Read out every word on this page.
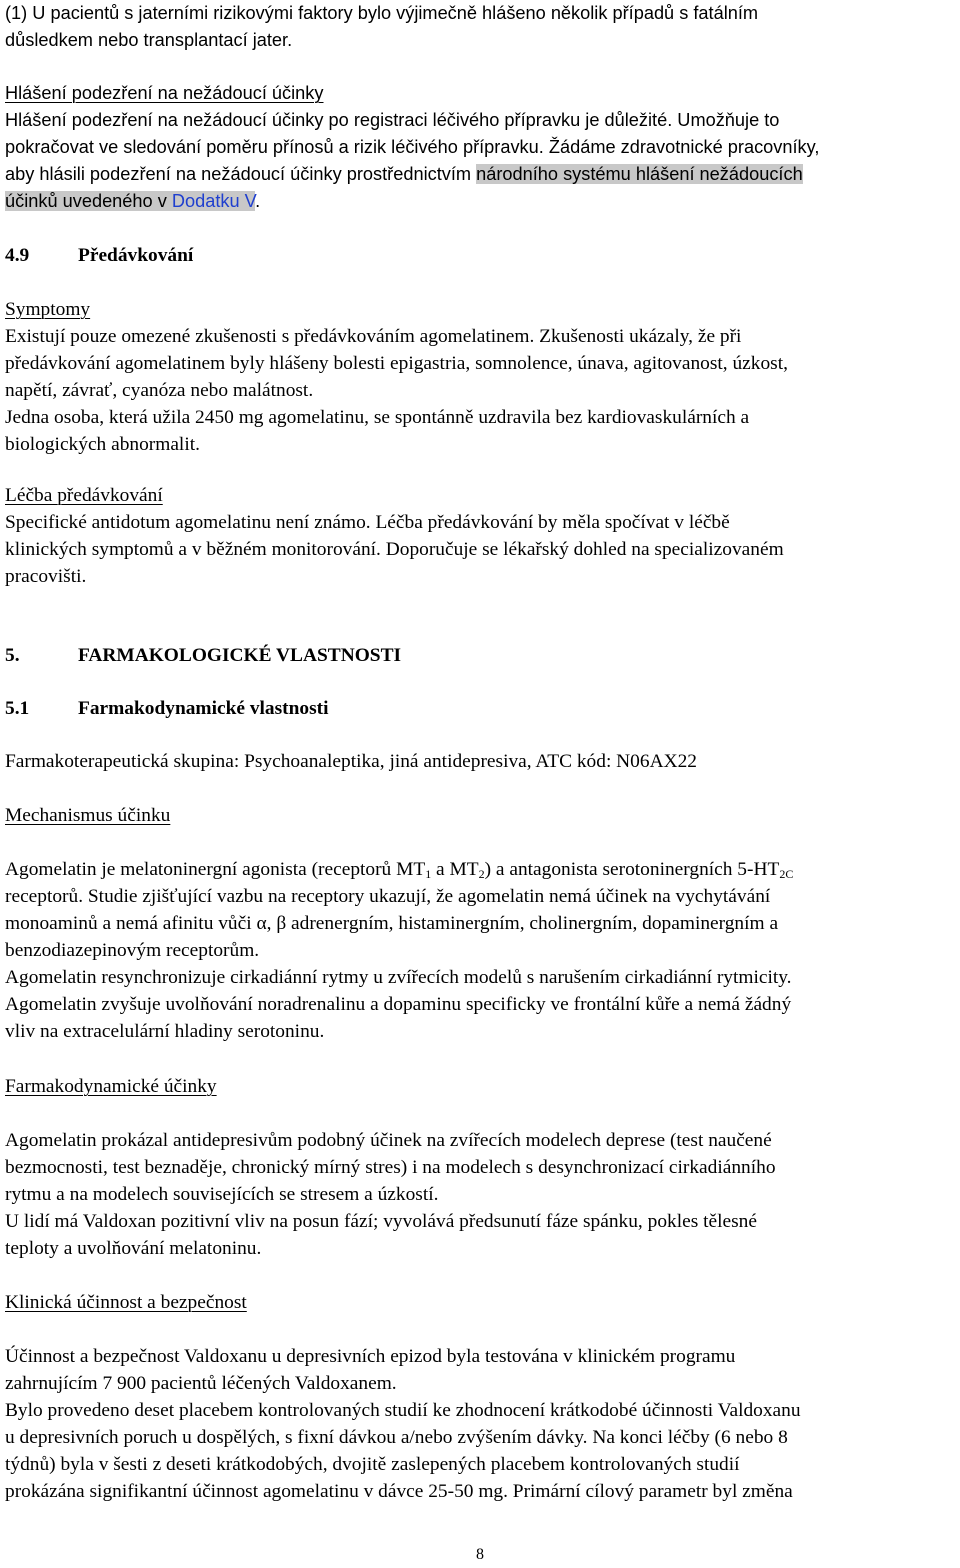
(1) U pacientů s jaterními rizikovými faktory bylo výjimečně hlášeno několik případů s fatálním
důsledkem nebo transplantací jater.
Hlášení podezření na nežádoucí účinky
Hlášení podezření na nežádoucí účinky po registraci léčivého přípravku je důležité. Umožňuje to
pokračovat ve sledování poměru přínosů a rizik léčivého přípravku. Žádáme zdravotnické pracovníky,
aby hlásili podezření na nežádoucí účinky prostřednictvím národního systému hlášení nežádoucích
účinků uvedeného v Dodatku V.
4.9	Předávkování
Symptomy
Existují pouze omezené zkušenosti s předávkováním agomelatinem. Zkušenosti ukázaly, že při
předávkování agomelatinem byly hlášeny bolesti epigastria, somnolence, únava, agitovanost, úzkost,
napětí, závrať, cyanóza nebo malátnost.
Jedna osoba, která užila 2450 mg agomelatinu, se spontánně uzdravila bez kardiovaskulárních a
biologických abnormalit.
Léčba předávkování
Specifické antidotum agomelatinu není známo. Léčba předávkování by měla spočívat v léčbě
klinických symptomů a v běžném monitorování. Doporučuje se lékařský dohled na specializovaném
pracovišti.
5.	FARMAKOLOGICKÉ VLASTNOSTI
5.1	Farmakodynamické vlastnosti
Farmakoterapeutická skupina: Psychoanaleptika, jiná antidepresiva, ATC kód: N06AX22
Mechanismus účinku
Agomelatin je melatoninergní agonista (receptorů $MT_1$ a $MT_2$) a antagonista serotoninergních $5-HT_{2C}$
receptorů. Studie zjišťující vazbu na receptory ukazují, že agomelatin nemá účinek na vychytávání
monoaminů a nemá afinitu vůči α, β adrenergním, histaminergním, cholinergním, dopaminergním a
benzodiazepinovým receptorům.
Agomelatin resynchronizuje cirkadiánní rytmy u zvířecích modelů s narušením cirkadiánní rytmicity.
Agomelatin zvyšuje uvolňování noradrenalinu a dopaminu specificky ve frontální kůře a nemá žádný
vliv na extracelulární hladiny serotoninu.
Farmakodynamické účinky
Agomelatin prokázal antidepresivům podobný účinek na zvířecích modelech deprese (test naučené
bezmocnosti, test beznaděje, chronický mírný stres) i na modelech s desynchronizací cirkadiánního
rytmu a na modelech souvisejících se stresem a úzkostí.
U lidí má Valdoxan pozitivní vliv na posun fází; vyvolává předsunutí fáze spánku, pokles tělesné
teploty a uvolňování melatoninu.
Klinická účinnost a bezpečnost
Účinnost a bezpečnost Valdoxanu u depresivních epizod byla testována v klinickém programu
zahrnujícím 7 900 pacientů léčených Valdoxanem.
Bylo provedeno deset placebem kontrolovaných studií ke zhodnocení krátkodobé účinnosti Valdoxanu
u depresivních poruch u dospělých, s fixní dávkou a/nebo zvýšením dávky. Na konci léčby (6 nebo 8
týdnů) byla v šesti z deseti krátkodobých, dvojitě zaslepených placebem kontrolovaných studií
prokázána signifikantní účinnost agomelatinu v dávce 25-50 mg. Primární cílový parametr byl změna
8
